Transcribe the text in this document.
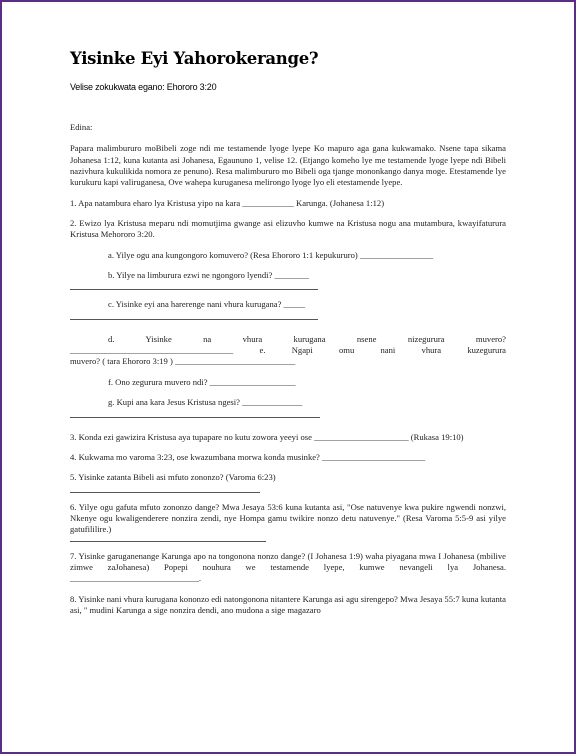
Yisinke Eyi Yahorokerange?
Velise zokukwata egano: Ehororo 3:20

Edina:

Papara malimbururo moBibeli zoge ndi me testamende lyoge lyepe Ko mapuro aga gana kukwamako. Nsene tapa sikama Johanesa 1:12, kuna kutanta asi Johanesa, Egaununo 1, velise 12. (Etjango komeho lye me testamende lyoge lyepe ndi Bibeli nazivhura kukulikida nomora ze penuno). Resa malimbururo mo Bibeli oga tjange mononkango danya moge. Etestamende lye kurukuru kapi valiruganesa, Ove wahepa kuruganesa melirongo lyoge lyo eli etestamende lyepe.

1. Apa natambura eharo lya Kristusa yipo na kara ____________ Karunga. (Johanesa 1:12)

2. Ewizo lya Kristusa meparu ndi momutjima gwange asi elizuvho kumwe na Kristusa nogu ana mutambura, kwayifaturura Kristusa Mehororo 3:20.

a. Yilye ogu ana kungongoro komuvero? (Resa Ehororo 1:1 kepukururo) _________________

b. Yilye na limburura ezwi ne ngongoro lyendi? ________

c. Yisinke eyi ana harerenge nani vhura kurugana? _____

d. Yisinke na vhura kurugana nsene nizegurura muvero?

______________________________________ e. Ngapi omu nani vhura kuzegurura

muvero? ( tara Ehororo 3:19 ) ____________________________

f. Ono zegurura muvero ndi? ____________________

g. Kupi ana kara Jesus Kristusa ngesi? ______________

3. Konda ezi gawizira Kristusa aya tupapare no kutu zowora yeeyi ose ______________________ (Rukasa 19:10)

4. Kukwama mo varoma 3:23, ose kwazumbana morwa konda musinke? ________________________

5. Yisinke zatanta Bibeli asi mfuto zononzo? (Varoma 6:23)

6. Yilye ogu gafuta mfuto zononzo dange? Mwa Jesaya 53:6 kuna kutanta asi, "Ose natuvenye kwa pukire ngwendi nonzwi, Nkenye ogu kwaligenderere nonzira zendi, nye Hompa gamu twikire nonzo detu natuvenye." (Resa Varoma 5:5-9 asi yilye gatufililire.)

7. Yisinke garuganenange Karunga apo na tongonona nonzo dange? (I Johanesa 1:9) waha piyagana mwa I Johanesa (mbilive zimwe zaJohanesa) Popepi nouhura we testamende lyepe, kumwe nevangeli lya Johanesa. ______________________________.

8. Yisinke nani vhura kurugana kononzo edi natongonona nitantere Karunga asi agu sirengepo? Mwa Jesaya 55:7 kuna kutanta asi, " mudini Karunga a sige nonzira dendi, ano mudona a sige magazaro
